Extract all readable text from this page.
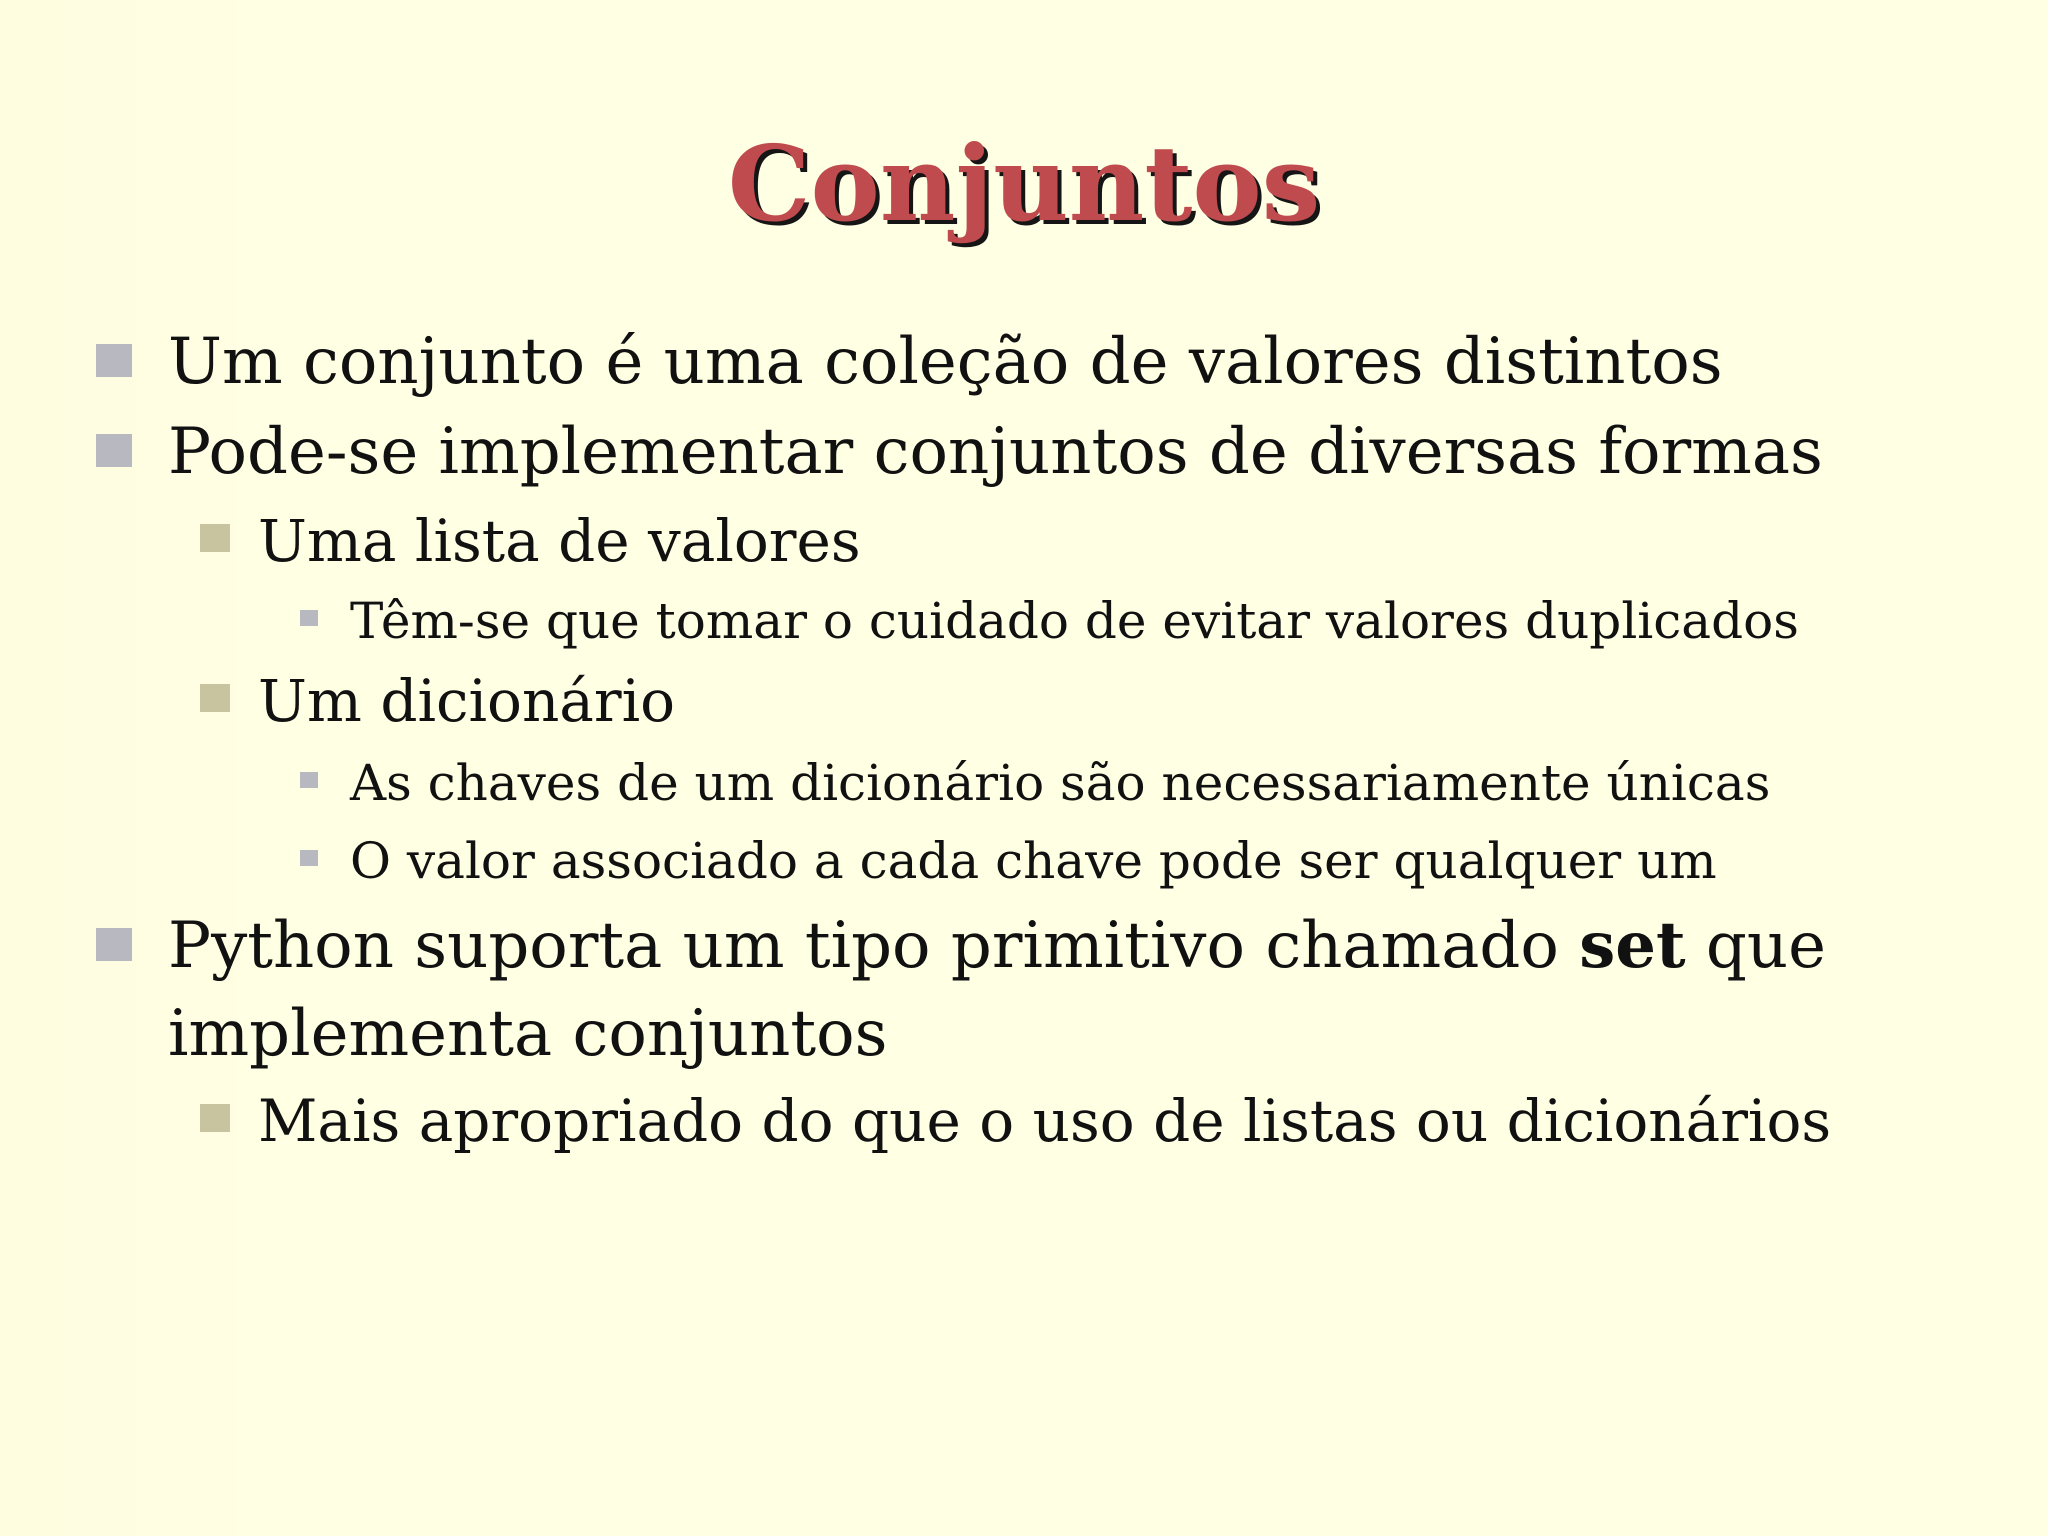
Conjuntos
Um conjunto é uma coleção de valores distintos
Pode-se implementar conjuntos de diversas formas
Uma lista de valores
Têm-se que tomar o cuidado de evitar valores duplicados
Um dicionário
As chaves de um dicionário são necessariamente únicas
O valor associado a cada chave pode ser qualquer um
Python suporta um tipo primitivo chamado set que
implementa conjuntos
Mais apropriado do que o uso de listas ou dicionários
